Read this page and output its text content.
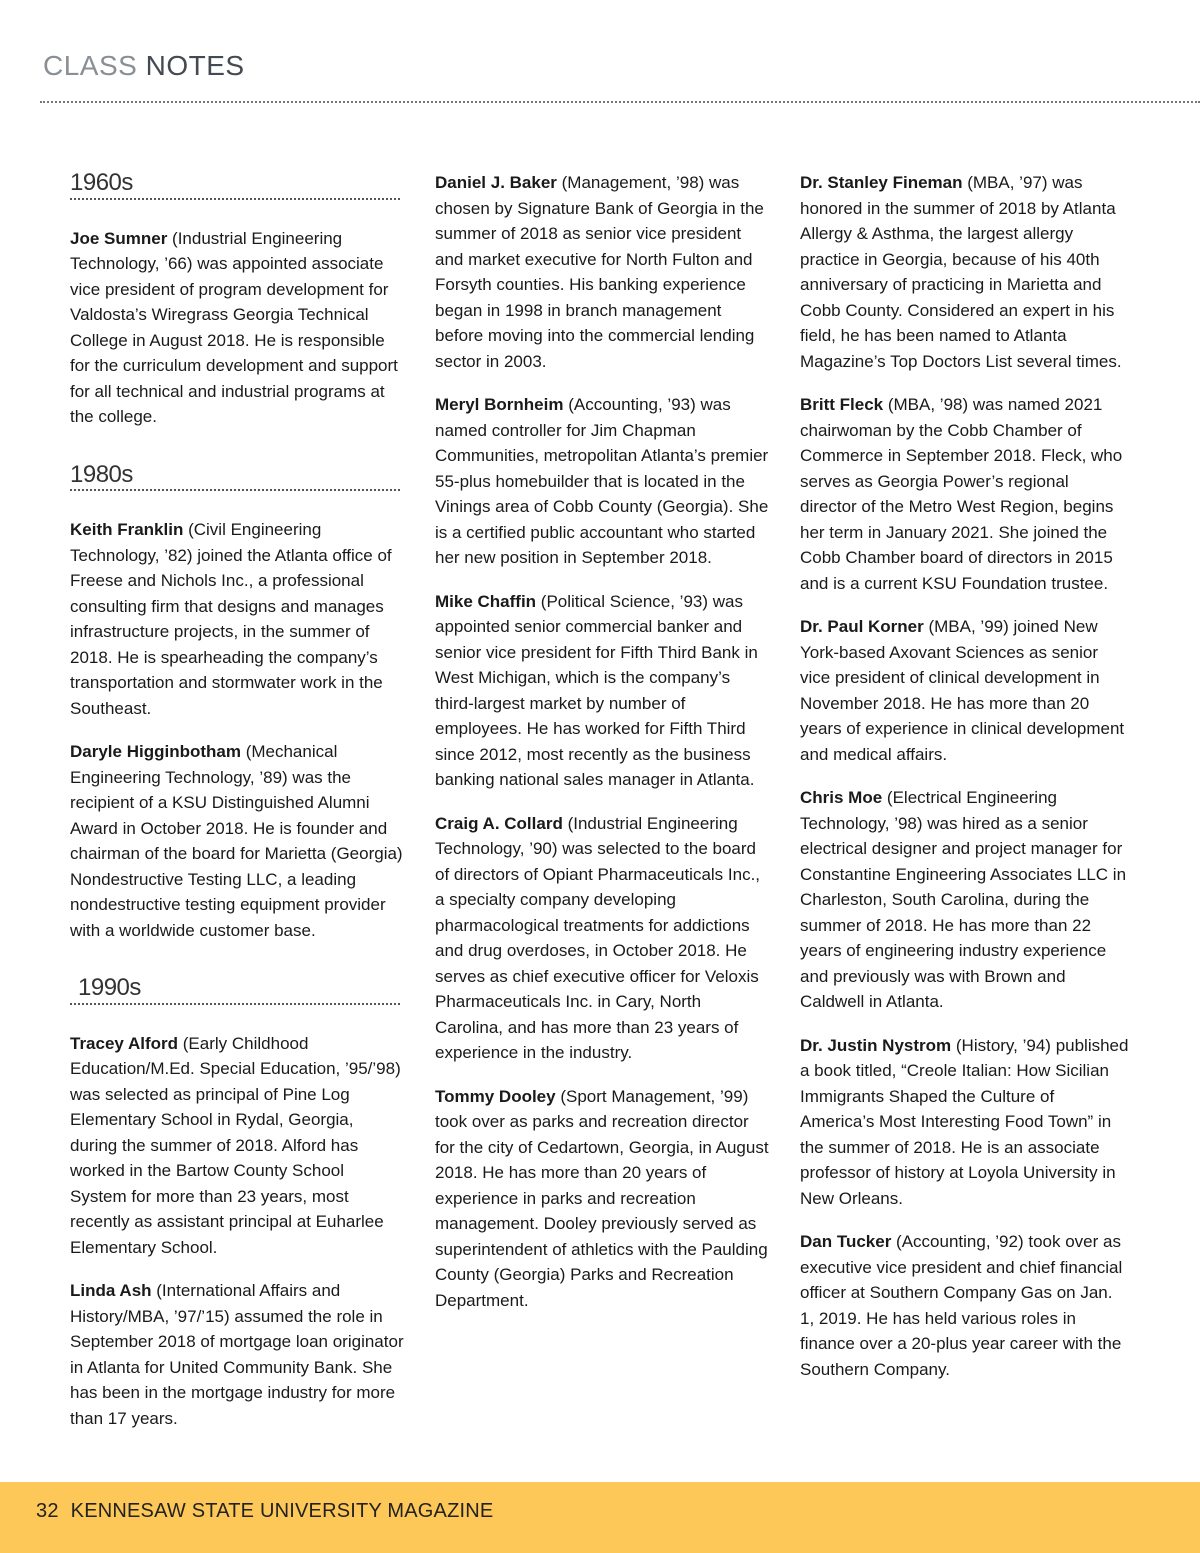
CLASS NOTES
1960s

Joe Sumner (Industrial Engineering Technology, ’66) was appointed associate vice president of program development for Valdosta’s Wiregrass Georgia Technical College in August 2018. He is responsible for the curriculum development and support for all technical and industrial programs at the college.

1980s

Keith Franklin (Civil Engineering Technology, ’82) joined the Atlanta office of Freese and Nichols Inc., a professional consulting firm that designs and manages infrastructure projects, in the summer of 2018. He is spearheading the company’s transportation and stormwater work in the Southeast.

Daryle Higginbotham (Mechanical Engineering Technology, ’89) was the recipient of a KSU Distinguished Alumni Award in October 2018. He is founder and chairman of the board for Marietta (Georgia) Nondestructive Testing LLC, a leading nondestructive testing equipment provider with a worldwide customer base.

1990s

Tracey Alford (Early Childhood Education/M.Ed. Special Education, ’95/’98) was selected as principal of Pine Log Elementary School in Rydal, Georgia, during the summer of 2018. Alford has worked in the Bartow County School System for more than 23 years, most recently as assistant principal at Euharlee Elementary School.

Linda Ash (International Affairs and History/MBA, ’97/’15) assumed the role in September 2018 of mortgage loan originator in Atlanta for United Community Bank. She has been in the mortgage industry for more than 17 years.

Daniel J. Baker (Management, ’98) was chosen by Signature Bank of Georgia in the summer of 2018 as senior vice president and market executive for North Fulton and Forsyth counties. His banking experience began in 1998 in branch management before moving into the commercial lending sector in 2003.

Meryl Bornheim (Accounting, ’93) was named controller for Jim Chapman Communities, metropolitan Atlanta’s premier 55-plus homebuilder that is located in the Vinings area of Cobb County (Georgia). She is a certified public accountant who started her new position in September 2018.

Mike Chaffin (Political Science, ’93) was appointed senior commercial banker and senior vice president for Fifth Third Bank in West Michigan, which is the company’s third-largest market by number of employees. He has worked for Fifth Third since 2012, most recently as the business banking national sales manager in Atlanta.

Craig A. Collard (Industrial Engineering Technology, ’90) was selected to the board of directors of Opiant Pharmaceuticals Inc., a specialty company developing pharmacological treatments for addictions and drug overdoses, in October 2018. He serves as chief executive officer for Veloxis Pharmaceuticals Inc. in Cary, North Carolina, and has more than 23 years of experience in the industry.

Tommy Dooley (Sport Management, ’99) took over as parks and recreation director for the city of Cedartown, Georgia, in August 2018. He has more than 20 years of experience in parks and recreation management. Dooley previously served as superintendent of athletics with the Paulding County (Georgia) Parks and Recreation Department.

Dr. Stanley Fineman (MBA, ’97) was honored in the summer of 2018 by Atlanta Allergy & Asthma, the largest allergy practice in Georgia, because of his 40th anniversary of practicing in Marietta and Cobb County. Considered an expert in his field, he has been named to Atlanta Magazine’s Top Doctors List several times.

Britt Fleck (MBA, ’98) was named 2021 chairwoman by the Cobb Chamber of Commerce in September 2018. Fleck, who serves as Georgia Power’s regional director of the Metro West Region, begins her term in January 2021. She joined the Cobb Chamber board of directors in 2015 and is a current KSU Foundation trustee.

Dr. Paul Korner (MBA, ’99) joined New York-based Axovant Sciences as senior vice president of clinical development in November 2018. He has more than 20 years of experience in clinical development and medical affairs.

Chris Moe (Electrical Engineering Technology, ’98) was hired as a senior electrical designer and project manager for Constantine Engineering Associates LLC in Charleston, South Carolina, during the summer of 2018. He has more than 22 years of engineering industry experience and previously was with Brown and Caldwell in Atlanta.

Dr. Justin Nystrom (History, ’94) published a book titled, “Creole Italian: How Sicilian Immigrants Shaped the Culture of America’s Most Interesting Food Town” in the summer of 2018. He is an associate professor of history at Loyola University in New Orleans.

Dan Tucker (Accounting, ’92) took over as executive vice president and chief financial officer at Southern Company Gas on Jan. 1, 2019. He has held various roles in finance over a 20-plus year career with the Southern Company.

32 KENNESAW STATE UNIVERSITY MAGAZINE
